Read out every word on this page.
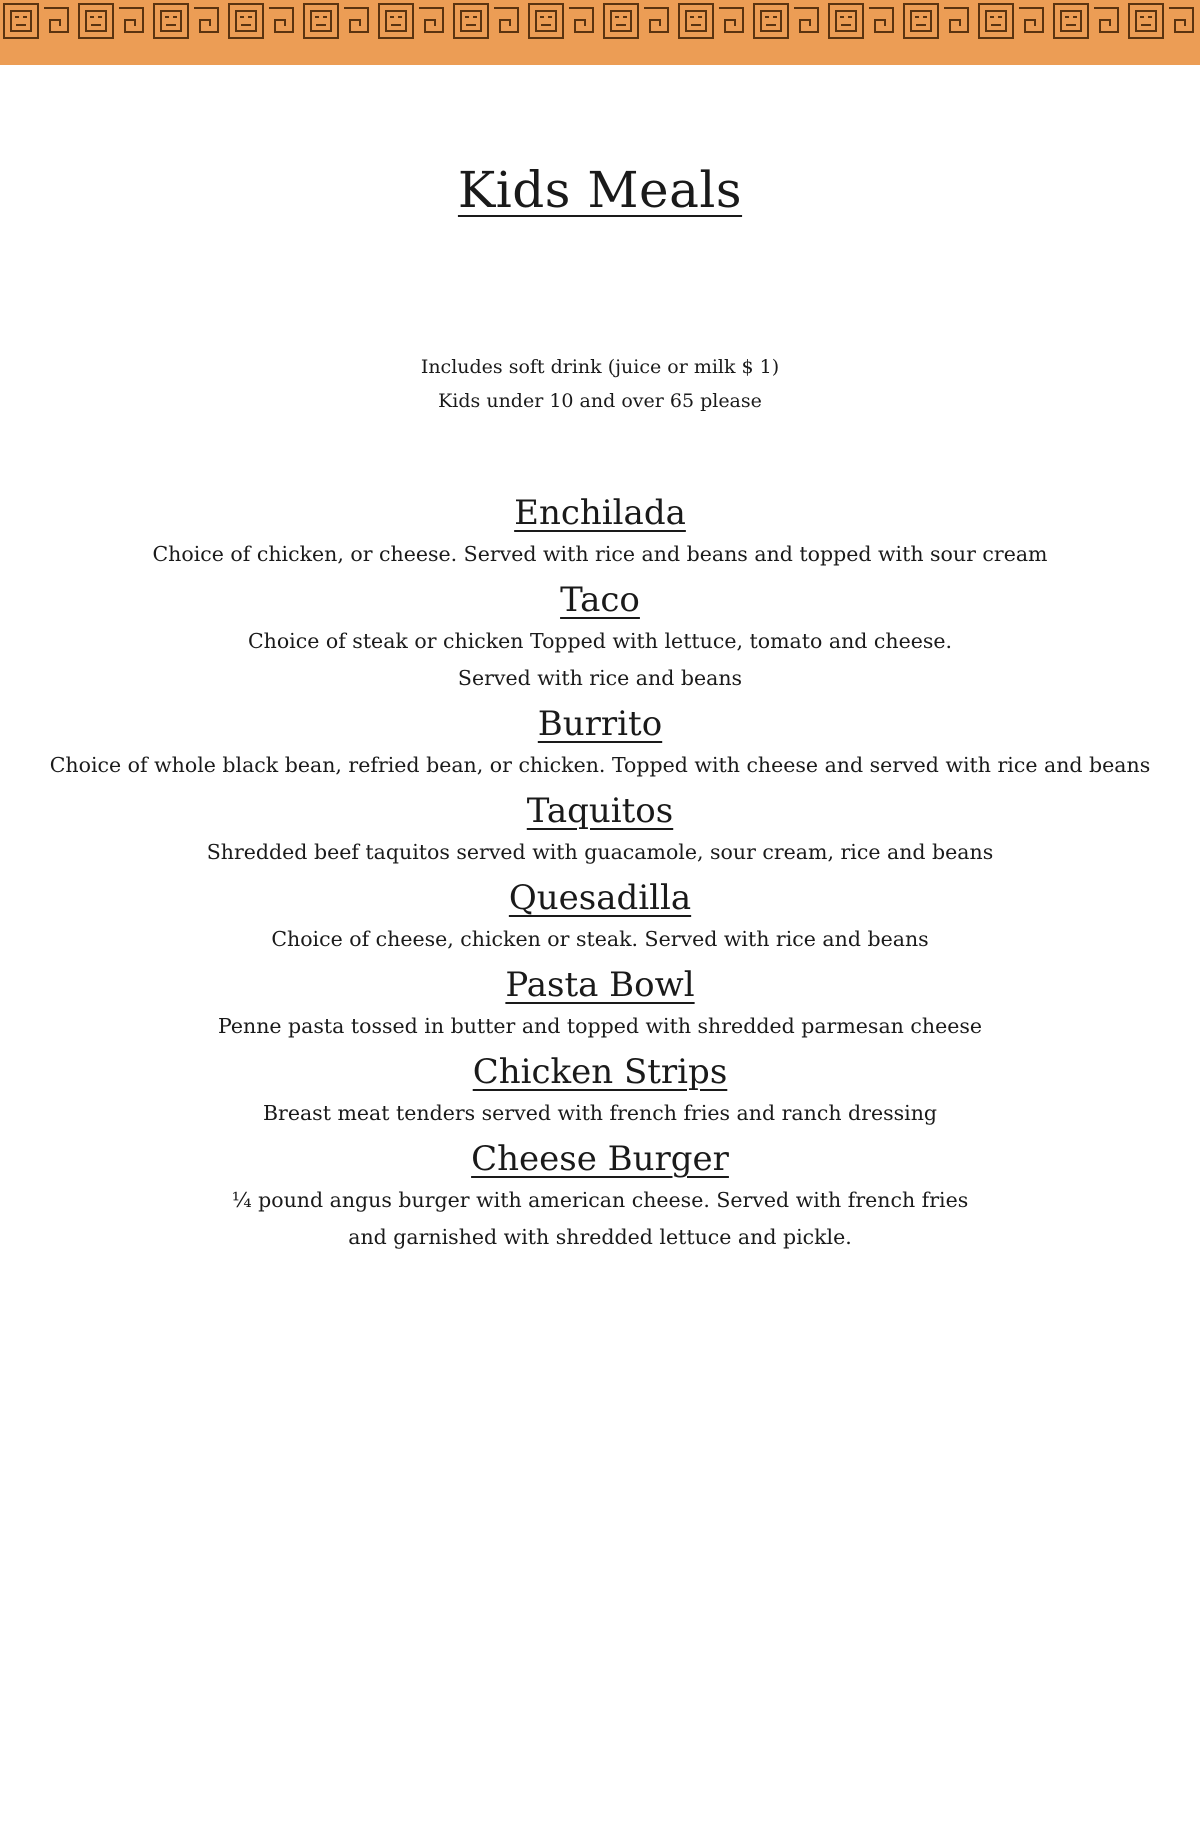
Kids Meals
Includes soft drink (juice or milk $ 1)
Kids under 10 and over 65 please
Enchilada
Choice of chicken, or cheese. Served with rice and beans and topped with sour cream
Taco
Choice of steak or chicken Topped with lettuce, tomato and cheese.
Served with rice and beans
Burrito
Choice of whole black bean, refried bean, or chicken. Topped with cheese and served with rice and beans
Taquitos
Shredded beef taquitos served with guacamole, sour cream, rice and beans
Quesadilla
Choice of cheese, chicken or steak. Served with rice and beans
Pasta Bowl
Penne pasta tossed in butter and topped with shredded parmesan cheese
Chicken Strips
Breast meat tenders served with french fries and ranch dressing
Cheese Burger
¼ pound angus burger with american cheese. Served with french fries
and garnished with shredded lettuce and pickle.
